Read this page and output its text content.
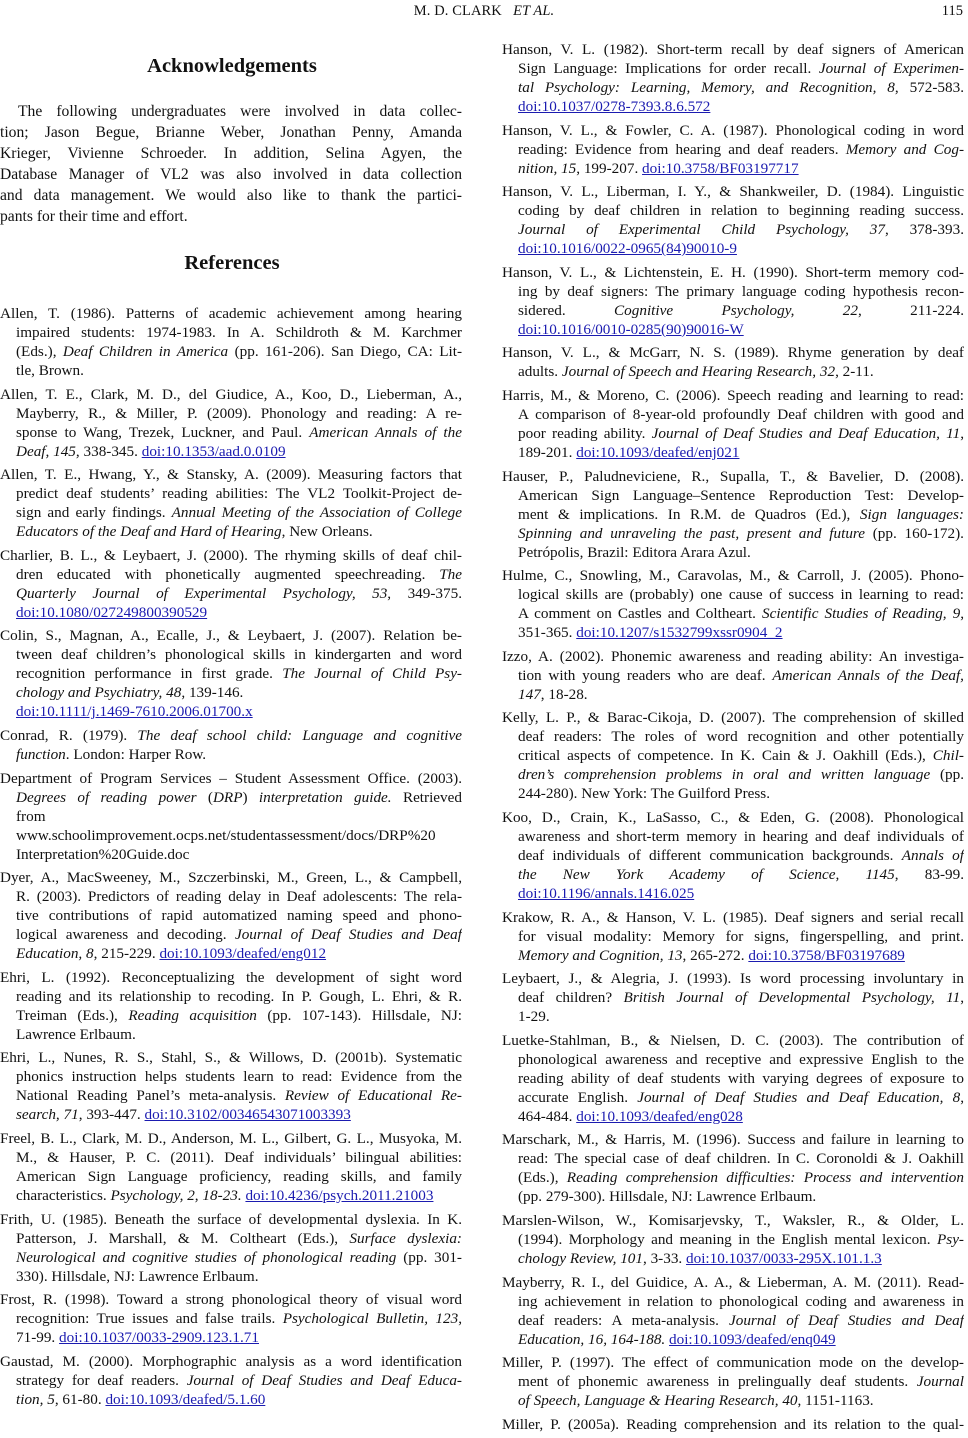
M. D. CLARK ET AL.	115
Acknowledgements
The following undergraduates were involved in data collec-
tion; Jason Begue, Brianne Weber, Jonathan Penny, Amanda
Krieger, Vivienne Schroeder. In addition, Selina Agyen, the
Database Manager of VL2 was also involved in data collection
and data management. We would also like to thank the partici-
pants for their time and effort.
References
Allen, T. (1986). Patterns of academic achievement among hearing
impaired students: 1974-1983. In A. Schildroth & M. Karchmer
(Eds.), Deaf Children in America (pp. 161-206). San Diego, CA: Lit-
tle, Brown.
Allen, T. E., Clark, M. D., del Giudice, A., Koo, D., Lieberman, A.,
Mayberry, R., & Miller, P. (2009). Phonology and reading: A re-
sponse to Wang, Trezek, Luckner, and Paul. American Annals of the
Deaf, 145, 338-345. doi:10.1353/aad.0.0109
Allen, T. E., Hwang, Y., & Stansky, A. (2009). Measuring factors that
predict deaf students’ reading abilities: The VL2 Toolkit-Project de-
sign and early findings. Annual Meeting of the Association of College
Educators of the Deaf and Hard of Hearing, New Orleans.
Charlier, B. L., & Leybaert, J. (2000). The rhyming skills of deaf chil-
dren educated with phonetically augmented speechreading. The
Quarterly Journal of Experimental Psychology, 53, 349-375.
doi:10.1080/027249800390529
Colin, S., Magnan, A., Ecalle, J., & Leybaert, J. (2007). Relation be-
tween deaf children’s phonological skills in kindergarten and word
recognition performance in first grade. The Journal of Child Psy-
chology and Psychiatry, 48, 139-146.
doi:10.1111/j.1469-7610.2006.01700.x
Conrad, R. (1979). The deaf school child: Language and cognitive
function. London: Harper Row.
Department of Program Services – Student Assessment Office. (2003).
Degrees of reading power (DRP) interpretation guide. Retrieved
from
www.schoolimprovement.ocps.net/studentassessment/docs/DRP%20
Interpretation%20Guide.doc
Dyer, A., MacSweeney, M., Szczerbinski, M., Green, L., & Campbell,
R. (2003). Predictors of reading delay in Deaf adolescents: The rela-
tive contributions of rapid automatized naming speed and phono-
logical awareness and decoding. Journal of Deaf Studies and Deaf
Education, 8, 215-229. doi:10.1093/deafed/eng012
Ehri, L. (1992). Reconceptualizing the development of sight word
reading and its relationship to recoding. In P. Gough, L. Ehri, & R.
Treiman (Eds.), Reading acquisition (pp. 107-143). Hillsdale, NJ:
Lawrence Erlbaum.
Ehri, L., Nunes, R. S., Stahl, S., & Willows, D. (2001b). Systematic
phonics instruction helps students learn to read: Evidence from the
National Reading Panel’s meta-analysis. Review of Educational Re-
search, 71, 393-447. doi:10.3102/00346543071003393
Freel, B. L., Clark, M. D., Anderson, M. L., Gilbert, G. L., Musyoka, M.
M., & Hauser, P. C. (2011). Deaf individuals’ bilingual abilities:
American Sign Language proficiency, reading skills, and family
characteristics. Psychology, 2, 18-23. doi:10.4236/psych.2011.21003
Frith, U. (1985). Beneath the surface of developmental dyslexia. In K.
Patterson, J. Marshall, & M. Coltheart (Eds.), Surface dyslexia:
Neurological and cognitive studies of phonological reading (pp. 301-
330). Hillsdale, NJ: Lawrence Erlbaum.
Frost, R. (1998). Toward a strong phonological theory of visual word
recognition: True issues and false trails. Psychological Bulletin, 123,
71-99. doi:10.1037/0033-2909.123.1.71
Gaustad, M. (2000). Morphographic analysis as a word identification
strategy for deaf readers. Journal of Deaf Studies and Deaf Educa-
tion, 5, 61-80. doi:10.1093/deafed/5.1.60
Hanson, V. L. (1982). Short-term recall by deaf signers of American
Sign Language: Implications for order recall. Journal of Experimen-
tal Psychology: Learning, Memory, and Recognition, 8, 572-583.
doi:10.1037/0278-7393.8.6.572
Hanson, V. L., & Fowler, C. A. (1987). Phonological coding in word
reading: Evidence from hearing and deaf readers. Memory and Cog-
nition, 15, 199-207. doi:10.3758/BF03197717
Hanson, V. L., Liberman, I. Y., & Shankweiler, D. (1984). Linguistic
coding by deaf children in relation to beginning reading success.
Journal of Experimental Child Psychology, 37, 378-393.
doi:10.1016/0022-0965(84)90010-9
Hanson, V. L., & Lichtenstein, E. H. (1990). Short-term memory cod-
ing by deaf signers: The primary language coding hypothesis recon-
sidered. Cognitive Psychology, 22, 211-224.
doi:10.1016/0010-0285(90)90016-W
Hanson, V. L., & McGarr, N. S. (1989). Rhyme generation by deaf
adults. Journal of Speech and Hearing Research, 32, 2-11.
Harris, M., & Moreno, C. (2006). Speech reading and learning to read:
A comparison of 8-year-old profoundly Deaf children with good and
poor reading ability. Journal of Deaf Studies and Deaf Education, 11,
189-201. doi:10.1093/deafed/enj021
Hauser, P., Paludneviciene, R., Supalla, T., & Bavelier, D. (2008).
American Sign Language–Sentence Reproduction Test: Develop-
ment & implications. In R.M. de Quadros (Ed.), Sign languages:
Spinning and unraveling the past, present and future (pp. 160-172).
Petrópolis, Brazil: Editora Arara Azul.
Hulme, C., Snowling, M., Caravolas, M., & Carroll, J. (2005). Phono-
logical skills are (probably) one cause of success in learning to read:
A comment on Castles and Coltheart. Scientific Studies of Reading, 9,
351-365. doi:10.1207/s1532799xssr0904_2
Izzo, A. (2002). Phonemic awareness and reading ability: An investiga-
tion with young readers who are deaf. American Annals of the Deaf,
147, 18-28.
Kelly, L. P., & Barac-Cikoja, D. (2007). The comprehension of skilled
deaf readers: The roles of word recognition and other potentially
critical aspects of competence. In K. Cain & J. Oakhill (Eds.), Chil-
dren’s comprehension problems in oral and written language (pp.
244-280). New York: The Guilford Press.
Koo, D., Crain, K., LaSasso, C., & Eden, G. (2008). Phonological
awareness and short-term memory in hearing and deaf individuals of
deaf individuals of different communication backgrounds. Annals of
the New York Academy of Science, 1145, 83-99.
doi:10.1196/annals.1416.025
Krakow, R. A., & Hanson, V. L. (1985). Deaf signers and serial recall
for visual modality: Memory for signs, fingerspelling, and print.
Memory and Cognition, 13, 265-272. doi:10.3758/BF03197689
Leybaert, J., & Alegria, J. (1993). Is word processing involuntary in
deaf children? British Journal of Developmental Psychology, 11,
1-29.
Luetke-Stahlman, B., & Nielsen, D. C. (2003). The contribution of
phonological awareness and receptive and expressive English to the
reading ability of deaf students with varying degrees of exposure to
accurate English. Journal of Deaf Studies and Deaf Education, 8,
464-484. doi:10.1093/deafed/eng028
Marschark, M., & Harris, M. (1996). Success and failure in learning to
read: The special case of deaf children. In C. Coronoldi & J. Oakhill
(Eds.), Reading comprehension difficulties: Process and intervention
(pp. 279-300). Hillsdale, NJ: Lawrence Erlbaum.
Marslen-Wilson, W., Komisarjevsky, T., Waksler, R., & Older, L.
(1994). Morphology and meaning in the English mental lexicon. Psy-
chology Review, 101, 3-33. doi:10.1037/0033-295X.101.1.3
Mayberry, R. I., del Guidice, A. A., & Lieberman, A. M. (2011). Read-
ing achievement in relation to phonological coding and awareness in
deaf readers: A meta-analysis. Journal of Deaf Studies and Deaf
Education, 16, 164-188. doi:10.1093/deafed/enq049
Miller, P. (1997). The effect of communication mode on the develop-
ment of phonemic awareness in prelingually deaf students. Journal
of Speech, Language & Hearing Research, 40, 1151-1163.
Miller, P. (2005a). Reading comprehension and its relation to the qual-
